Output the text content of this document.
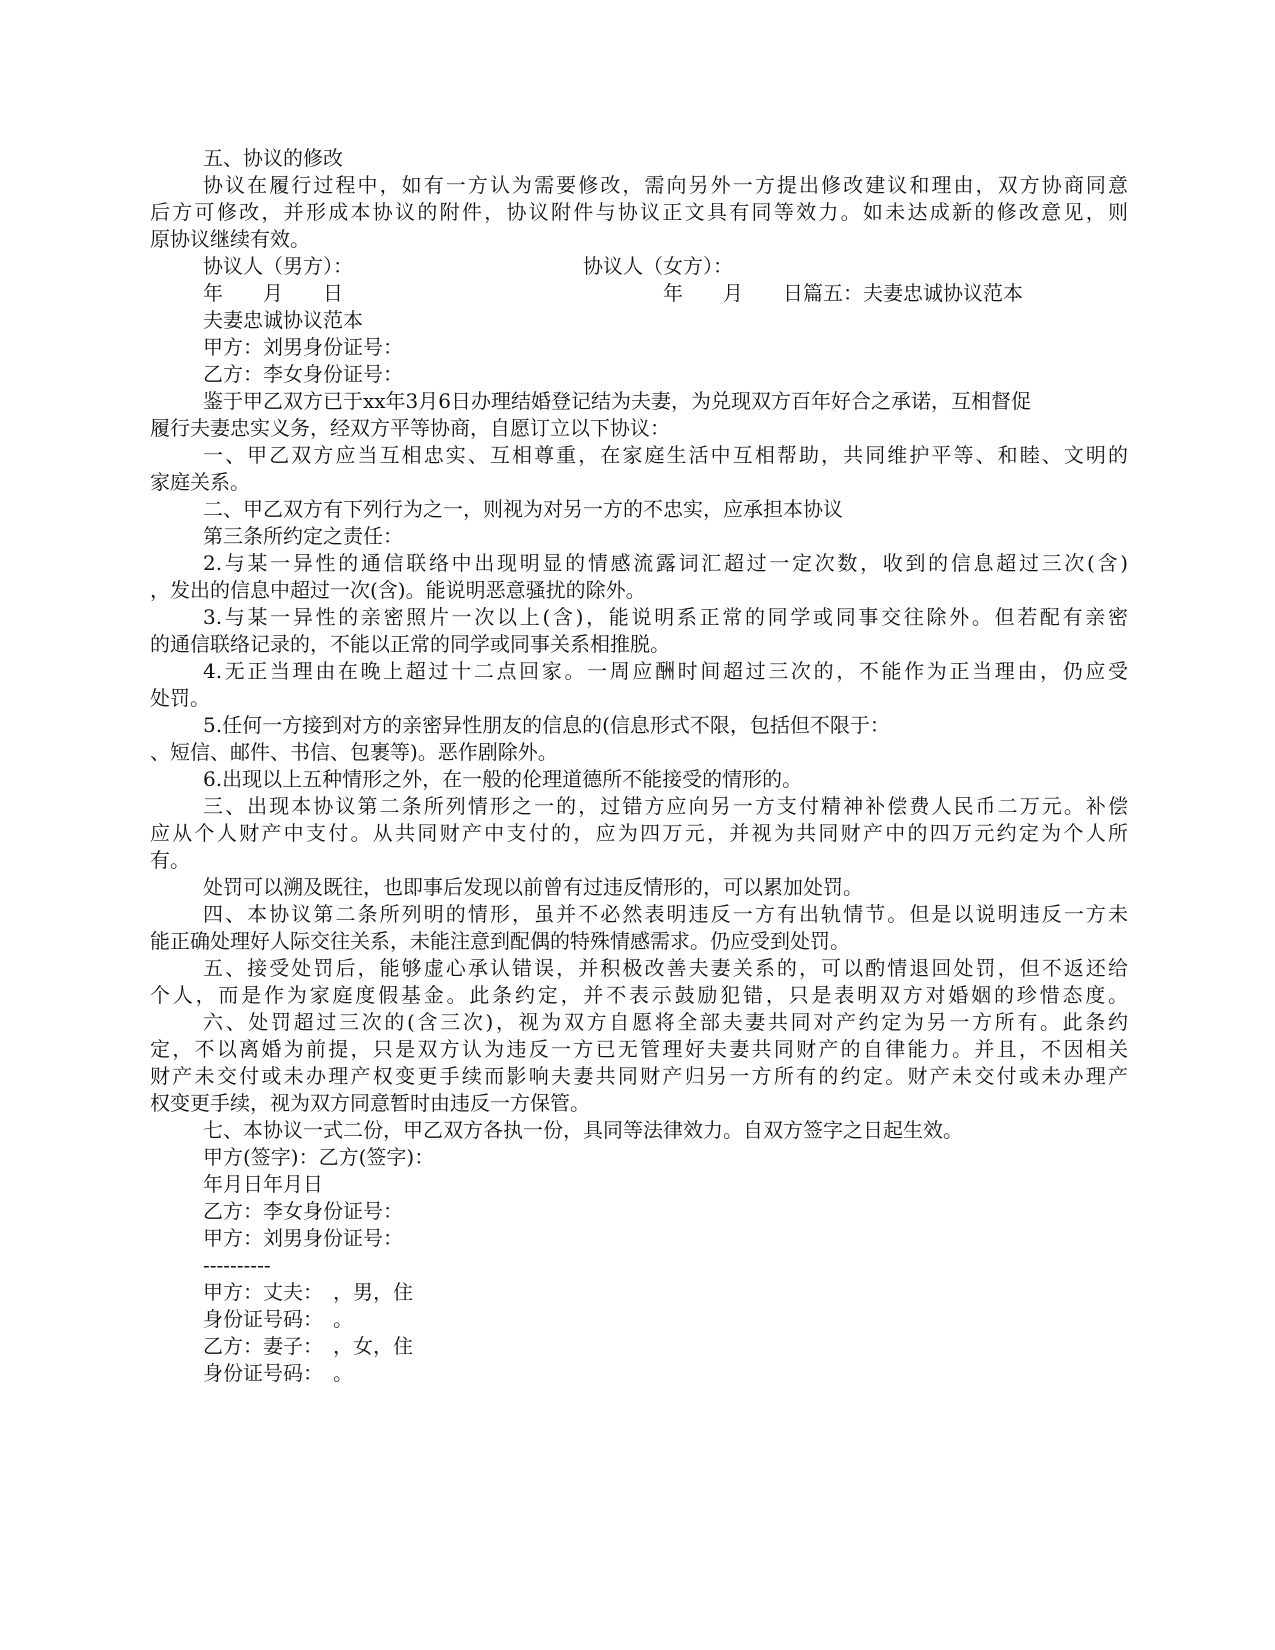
五、协议的修改
协议在履行过程中，如有一方认为需要修改，需向另外一方提出修改建议和理由，双方协商同意
后方可修改，并形成本协议的附件，协议附件与协议正文具有同等效力。如未达成新的修改意见，则
原协议继续有效。
协议人（男方）：	协议人（女方）：
年 月 日	年 月 日篇五：夫妻忠诚协议范本
夫妻忠诚协议范本
甲方：刘男身份证号：
乙方：李女身份证号：
鉴于甲乙双方已于xx年3月6日办理结婚登记结为夫妻，为兑现双方百年好合之承诺，互相督促
履行夫妻忠实义务，经双方平等协商，自愿订立以下协议：
一、甲乙双方应当互相忠实、互相尊重，在家庭生活中互相帮助，共同维护平等、和睦、文明的
家庭关系。
二、甲乙双方有下列行为之一，则视为对另一方的不忠实，应承担本协议
第三条所约定之责任：
2.与某一异性的通信联络中出现明显的情感流露词汇超过一定次数，收到的信息超过三次(含)
，发出的信息中超过一次(含)。能说明恶意骚扰的除外。
3.与某一异性的亲密照片一次以上(含)，能说明系正常的同学或同事交往除外。但若配有亲密
的通信联络记录的，不能以正常的同学或同事关系相推脱。
4.无正当理由在晚上超过十二点回家。一周应酬时间超过三次的，不能作为正当理由，仍应受
处罚。
5.任何一方接到对方的亲密异性朋友的信息的(信息形式不限，包括但不限于：
、短信、邮件、书信、包裹等)。恶作剧除外。
6.出现以上五种情形之外，在一般的伦理道德所不能接受的情形的。
三、出现本协议第二条所列情形之一的，过错方应向另一方支付精神补偿费人民币二万元。补偿
应从个人财产中支付。从共同财产中支付的，应为四万元，并视为共同财产中的四万元约定为个人所
有。
处罚可以溯及既往，也即事后发现以前曾有过违反情形的，可以累加处罚。
四、本协议第二条所列明的情形，虽并不必然表明违反一方有出轨情节。但是以说明违反一方未
能正确处理好人际交往关系，未能注意到配偶的特殊情感需求。仍应受到处罚。
五、接受处罚后，能够虚心承认错误，并积极改善夫妻关系的，可以酌情退回处罚，但不返还给
个人，而是作为家庭度假基金。此条约定，并不表示鼓励犯错，只是表明双方对婚姻的珍惜态度。
六、处罚超过三次的(含三次)，视为双方自愿将全部夫妻共同对产约定为另一方所有。此条约
定，不以离婚为前提，只是双方认为违反一方已无管理好夫妻共同财产的自律能力。并且，不因相关
财产未交付或未办理产权变更手续而影响夫妻共同财产归另一方所有的约定。财产未交付或未办理产
权变更手续，视为双方同意暂时由违反一方保管。
七、本协议一式二份，甲乙双方各执一份，具同等法律效力。自双方签字之日起生效。
甲方(签字)：乙方(签字)：
年月日年月日
乙方：李女身份证号：
甲方：刘男身份证号：
----------
甲方：丈夫：　，男，住
身份证号码：　。
乙方：妻子：　，女，住
身份证号码：　。
